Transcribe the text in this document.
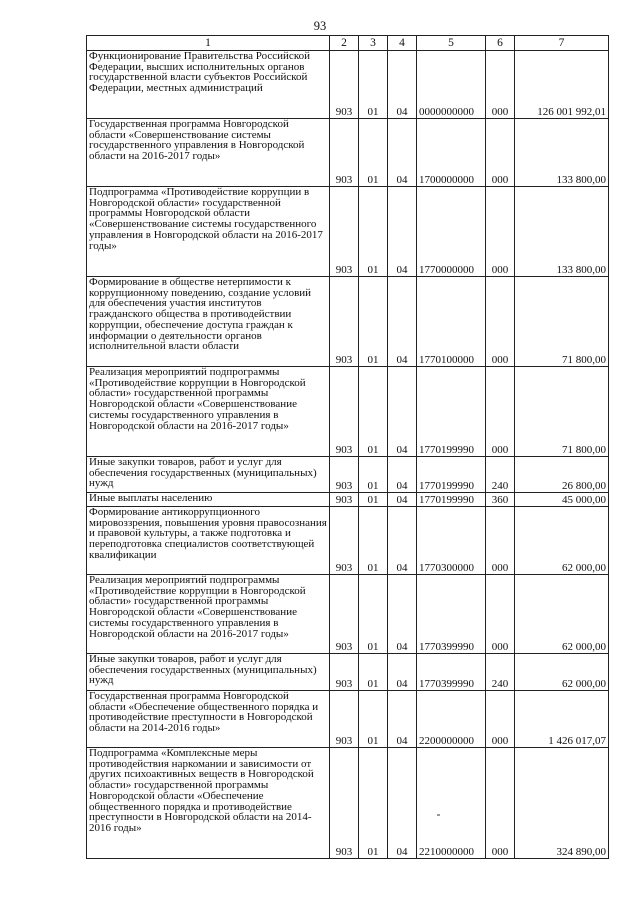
93
1	2	3	4	5	6	7
Функционирование Правительства Российской Федерации, высших исполнительных органов государственной власти субъектов Российской Федерации, местных администраций	903	01	04	0000000000	000	126 001 992,01
Государственная программа Новгородской области «Совершенствование системы государственного управления в Новгородской области на 2016-2017 годы»	903	01	04	1700000000	000	133 800,00
Подпрограмма «Противодействие коррупции в Новгородской области» государственной программы Новгородской области «Совершенствование системы государственного управления в Новгородской области на 2016-2017 годы»	903	01	04	1770000000	000	133 800,00
Формирование в обществе нетерпимости к коррупционному поведению, создание условий для обеспечения участия институтов гражданского общества в противодействии коррупции, обеспечение доступа граждан к информации о деятельности органов исполнительной власти области	903	01	04	1770100000	000	71 800,00
Реализация мероприятий подпрограммы «Противодействие коррупции в Новгородской области» государственной программы Новгородской области «Совершенствование системы государственного управления в Новгородской области на 2016-2017 годы»	903	01	04	1770199990	000	71 800,00
Иные закупки товаров, работ и услуг для обеспечения государственных (муниципальных) нужд	903	01	04	1770199990	240	26 800,00
Иные выплаты населению	903	01	04	1770199990	360	45 000,00
Формирование антикоррупционного мировоззрения, повышения уровня правосознания и правовой культуры, а также подготовка и переподготовка специалистов соответствующей квалификации	903	01	04	1770300000	000	62 000,00
Реализация мероприятий подпрограммы «Противодействие коррупции в Новгородской области» государственной программы Новгородской области «Совершенствование системы государственного управления в Новгородской области на 2016-2017 годы»	903	01	04	1770399990	000	62 000,00
Иные закупки товаров, работ и услуг для обеспечения государственных (муниципальных) нужд	903	01	04	1770399990	240	62 000,00
Государственная программа Новгородской области «Обеспечение общественного порядка и противодействие преступности в Новгородской области на 2014-2016 годы»	903	01	04	2200000000	000	1 426 017,07
Подпрограмма «Комплексные меры противодействия наркомании и зависимости от других психоактивных веществ в Новгородской области» государственной программы Новгородской области «Обеспечение общественного порядка и противодействие преступности в Новгородской области на 2014-2016 годы»	903	01	04	2210000000	000	324 890,00
